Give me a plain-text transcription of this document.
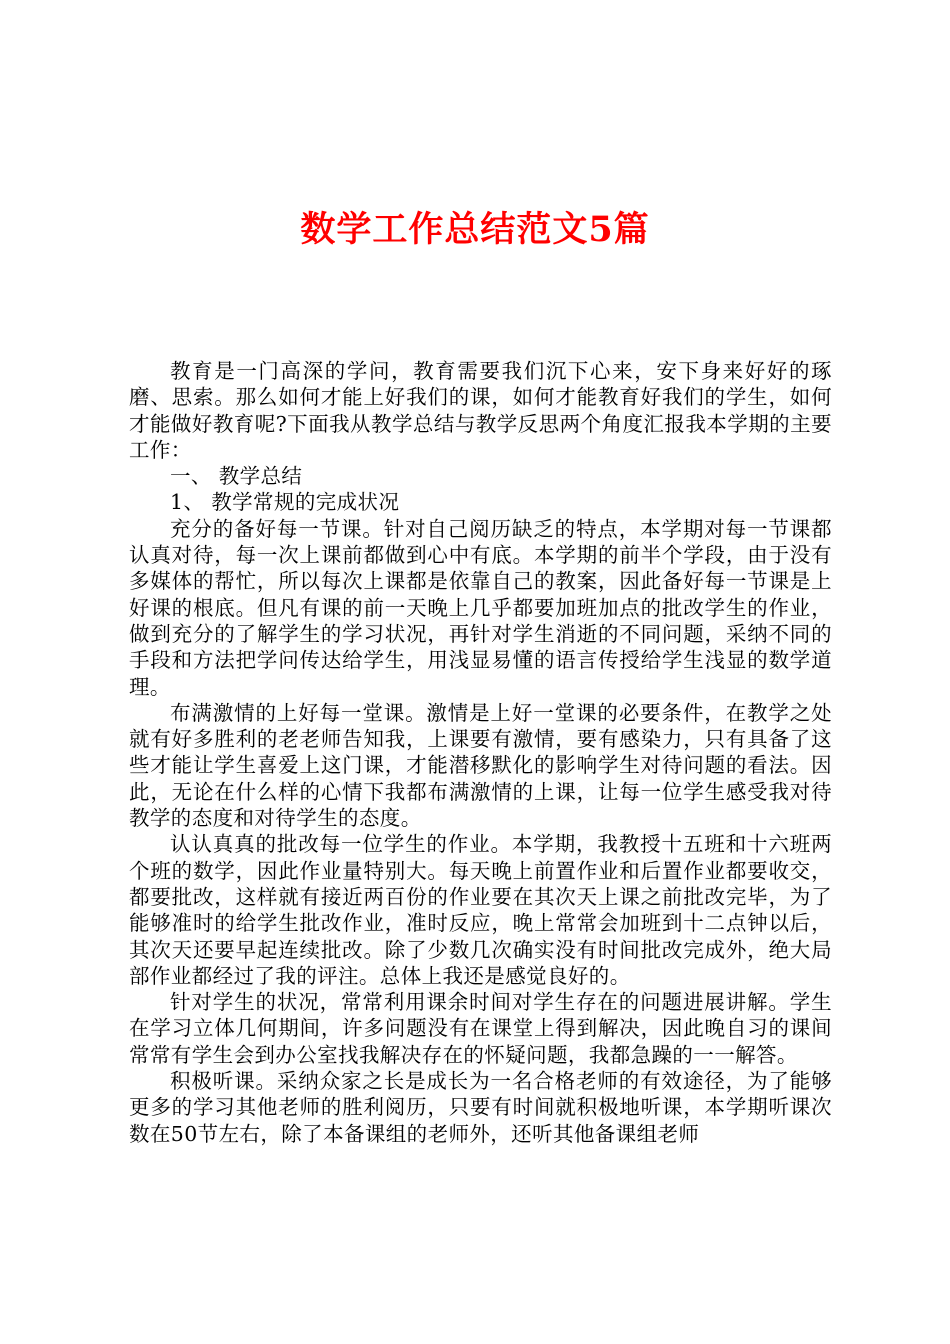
数学工作总结范文5篇

教育是一门高深的学问，教育需要我们沉下心来，安下身来好好的琢磨、思索。那么如何才能上好我们的课，如何才能教育好我们的学生，如何才能做好教育呢?下面我从教学总结与教学反思两个角度汇报我本学期的主要工作：

一、 教学总结

1、 教学常规的完成状况

充分的备好每一节课。针对自己阅历缺乏的特点，本学期对每一节课都认真对待，每一次上课前都做到心中有底。本学期的前半个学段，由于没有多媒体的帮忙，所以每次上课都是依靠自己的教案，因此备好每一节课是上好课的根底。但凡有课的前一天晚上几乎都要加班加点的批改学生的作业，做到充分的了解学生的学习状况，再针对学生消逝的不同问题，采纳不同的手段和方法把学问传达给学生，用浅显易懂的语言传授给学生浅显的数学道理。

布满激情的上好每一堂课。激情是上好一堂课的必要条件，在教学之处就有好多胜利的老老师告知我，上课要有激情，要有感染力，只有具备了这些才能让学生喜爱上这门课，才能潜移默化的影响学生对待问题的看法。因此，无论在什么样的心情下我都布满激情的上课，让每一位学生感受我对待教学的态度和对待学生的态度。

认认真真的批改每一位学生的作业。本学期，我教授十五班和十六班两个班的数学，因此作业量特别大。每天晚上前置作业和后置作业都要收交，都要批改，这样就有接近两百份的作业要在其次天上课之前批改完毕，为了能够准时的给学生批改作业，准时反应，晚上常常会加班到十二点钟以后，其次天还要早起连续批改。除了少数几次确实没有时间批改完成外，绝大局部作业都经过了我的评注。总体上我还是感觉良好的。

针对学生的状况，常常利用课余时间对学生存在的问题进展讲解。学生在学习立体几何期间，许多问题没有在课堂上得到解决，因此晚自习的课间常常有学生会到办公室找我解决存在的怀疑问题，我都急躁的一一解答。

积极听课。采纳众家之长是成长为一名合格老师的有效途径，为了能够更多的学习其他老师的胜利阅历，只要有时间就积极地听课，本学期听课次数在50节左右，除了本备课组的老师外，还听其他备课组老师
